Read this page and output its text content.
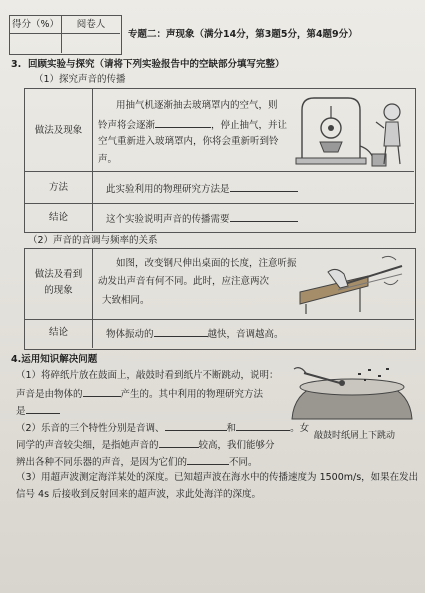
得分（%）	阅卷人
专题二：声现象（满分14分，第3题5分，第4题9分）
3. 回顾实验与探究（请将下列实验报告中的空缺部分填写完整）
（1）探究声音的传播
做法及现象
用抽气机逐渐抽去玻璃罩内的空气，则
铃声将会逐渐	，停止抽气，并让
空气重新进入玻璃罩内，你将会重新听到铃
声。
方法	此实验利用的物理研究方法是
结论	这个实验说明声音的传播需要
（2）声音的音调与频率的关系
做法及看到
的现象
如图，改变钢尺伸出桌面的长度，注意听振
动发出声音有何不同。此时，应注意两次
大致相同。
结论	物体振动的	越快，音调越高。
4.运用知识解决问题
（1）将碎纸片放在鼓面上，敲鼓时看到纸片不断跳动，说明：
声音是由物体的	产生的。其中利用的物理研究方法
是
敲鼓时纸屑上下跳动
（2）乐音的三个特性分别是音调、	和	。女
同学的声音较尖细，是指她声音的	较高，我们能够分
辨出各种不同乐器的声音，是因为它们的	不同。
（3）用超声波测定海洋某处的深度。已知超声波在海水中的传播速度为 1500m/s，如果在发出
信号 4s 后接收到反射回来的超声波，求此处海洋的深度。
